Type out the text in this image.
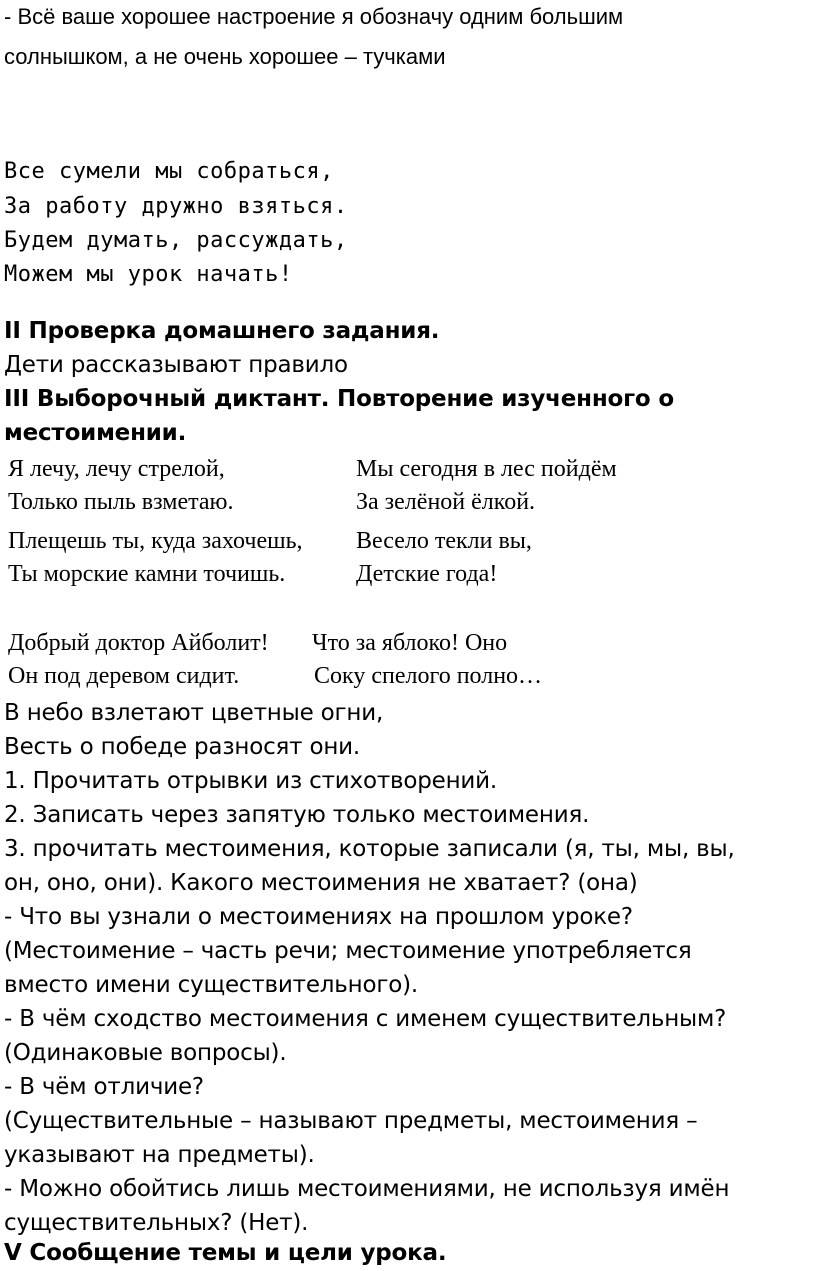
- Всё ваше хорошее настроение я обозначу одним большим

солнышком, а не очень хорошее – тучками

Все сумели мы собраться,

За работу дружно взяться.

Будем думать, рассуждать,

Можем мы урок начать!

II Проверка домашнего задания.

Дети рассказывают правило

III Выборочный диктант. Повторение изученного о

местоимении.

Я лечу, лечу стрелой,
Только пыль взметаю.
Мы сегодня в лес пойдём
За зелёной ёлкой.
Плещешь ты, куда захочешь,
Ты морские камни точишь.
Весело текли вы,
Детские года!
Добрый доктор Айболит!
Он под деревом сидит.
Что за яблоко! Оно
Соку спелого полно…

В небо взлетают цветные огни,

Весть о победе разносят они.

1. Прочитать отрывки из стихотворений.

2. Записать через запятую только местоимения.

3. прочитать местоимения, которые записали (я, ты, мы, вы,

он, оно, они). Какого местоимения не хватает? (она)

- Что вы узнали о местоимениях на прошлом уроке?

(Местоимение – часть речи; местоимение употребляется

вместо имени существительного).

- В чём сходство местоимения с именем существительным?

(Одинаковые вопросы).

- В чём отличие?

(Существительные – называют предметы, местоимения –

указывают на предметы).

- Можно обойтись лишь местоимениями, не используя имён

существительных? (Нет).

V Сообщение темы и цели урока.
